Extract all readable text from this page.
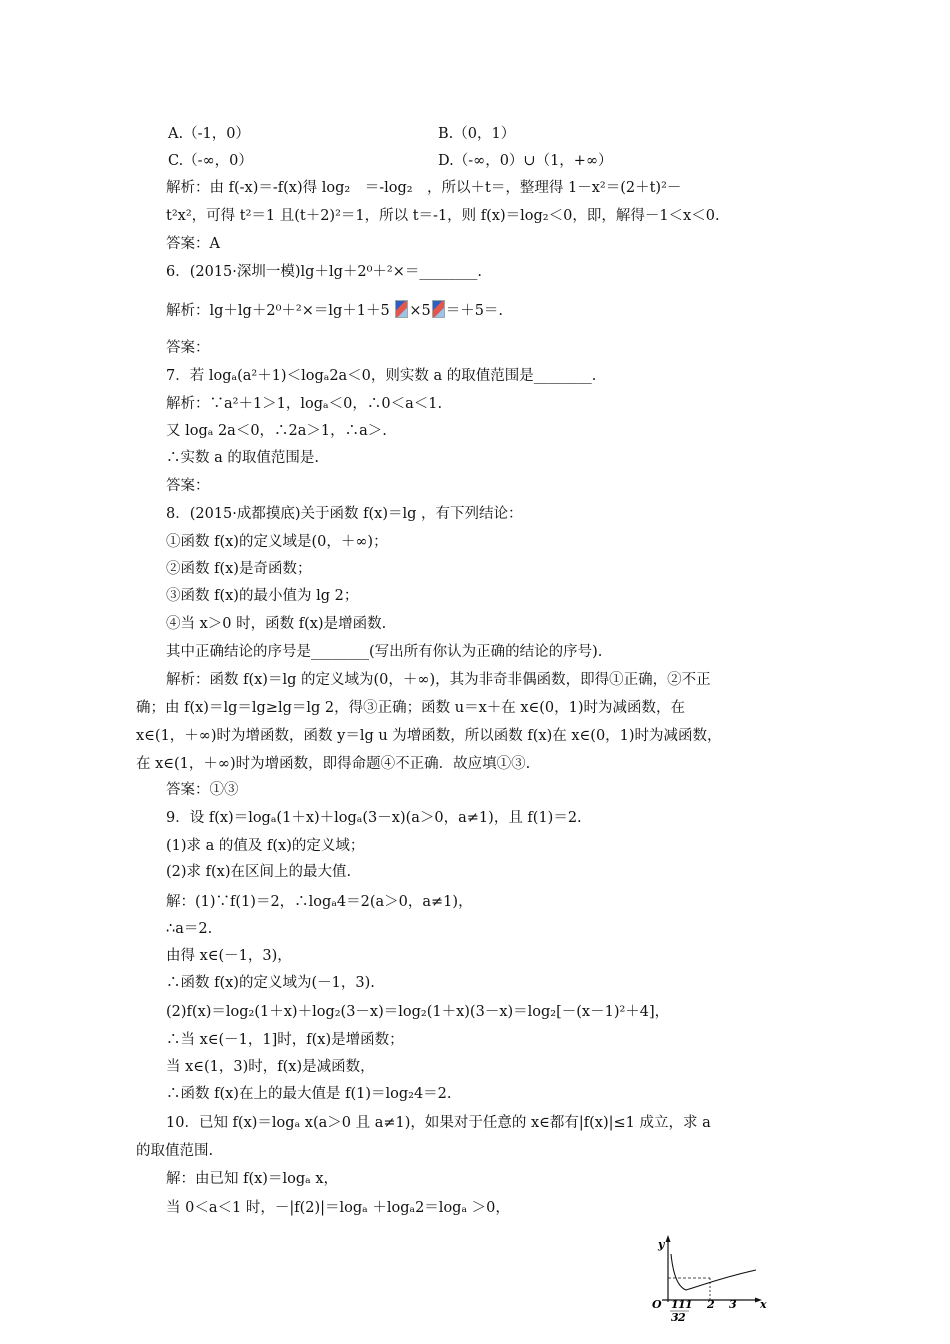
A.（-1，0）	B.（0，1）
C.（-∞，0）	D.（-∞，0）∪（1，+∞）
解析：由 f(-x)＝-f(x)得 log₂　＝-log₂　，所以＋t＝，整理得 1－x²＝(2＋t)²－
t²x²，可得 t²＝1 且(t＋2)²＝1，所以 t＝-1，则 f(x)＝log₂＜0，即，解得－1＜x＜0.
答案：A
6．(2015·深圳一模)lg＋lg＋2⁰＋²×＝________.
解析：lg＋lg＋2⁰＋²×＝lg＋1＋5 ×5 ＝＋5＝.
答案：
7．若 logₐ(a²＋1)＜logₐ2a＜0，则实数 a 的取值范围是________.
解析：∵a²＋1＞1，logₐ＜0，∴0＜a＜1.
又 logₐ 2a＜0，∴2a＞1，∴a＞.
∴实数 a 的取值范围是.
答案：
8．(2015·成都摸底)关于函数 f(x)＝lg ，有下列结论：
①函数 f(x)的定义域是(0，＋∞)；
②函数 f(x)是奇函数；
③函数 f(x)的最小值为 lg 2；
④当 x＞0 时，函数 f(x)是增函数.
其中正确结论的序号是________(写出所有你认为正确的结论的序号).
解析：函数 f(x)＝lg 的定义域为(0，＋∞)，其为非奇非偶函数，即得①正确，②不正
确；由 f(x)＝lg＝lg≥lg＝lg 2，得③正确；函数 u＝x＋在 x∈(0，1)时为减函数，在
x∈(1，＋∞)时为增函数，函数 y＝lg u 为增函数，所以函数 f(x)在 x∈(0，1)时为减函数，
在 x∈(1，＋∞)时为增函数，即得命题④不正确．故应填①③.
答案：①③
9．设 f(x)＝logₐ(1＋x)＋logₐ(3－x)(a＞0，a≠1)，且 f(1)＝2.
(1)求 a 的值及 f(x)的定义域；
(2)求 f(x)在区间上的最大值.
解：(1)∵f(1)＝2，∴logₐ4＝2(a＞0，a≠1)，
∴a＝2.
由得 x∈(－1，3)，
∴函数 f(x)的定义域为(－1，3).
(2)f(x)＝log₂(1＋x)＋log₂(3－x)＝log₂(1＋x)(3－x)＝log₂[－(x－1)²＋4]，
∴当 x∈(－1，1]时，f(x)是增函数；
当 x∈(1，3)时，f(x)是减函数，
∴函数 f(x)在上的最大值是 f(1)＝log₂4＝2.
10．已知 f(x)＝logₐ x(a＞0 且 a≠1)，如果对于任意的 x∈都有|f(x)|≤1 成立，求 a
的取值范围.
解：由已知 f(x)＝logₐ x，
当 0＜a＜1 时，－|f(2)|＝logₐ ＋logₐ2＝logₐ ＞0，
y
x
O 1 1 1 2 3
3 2
